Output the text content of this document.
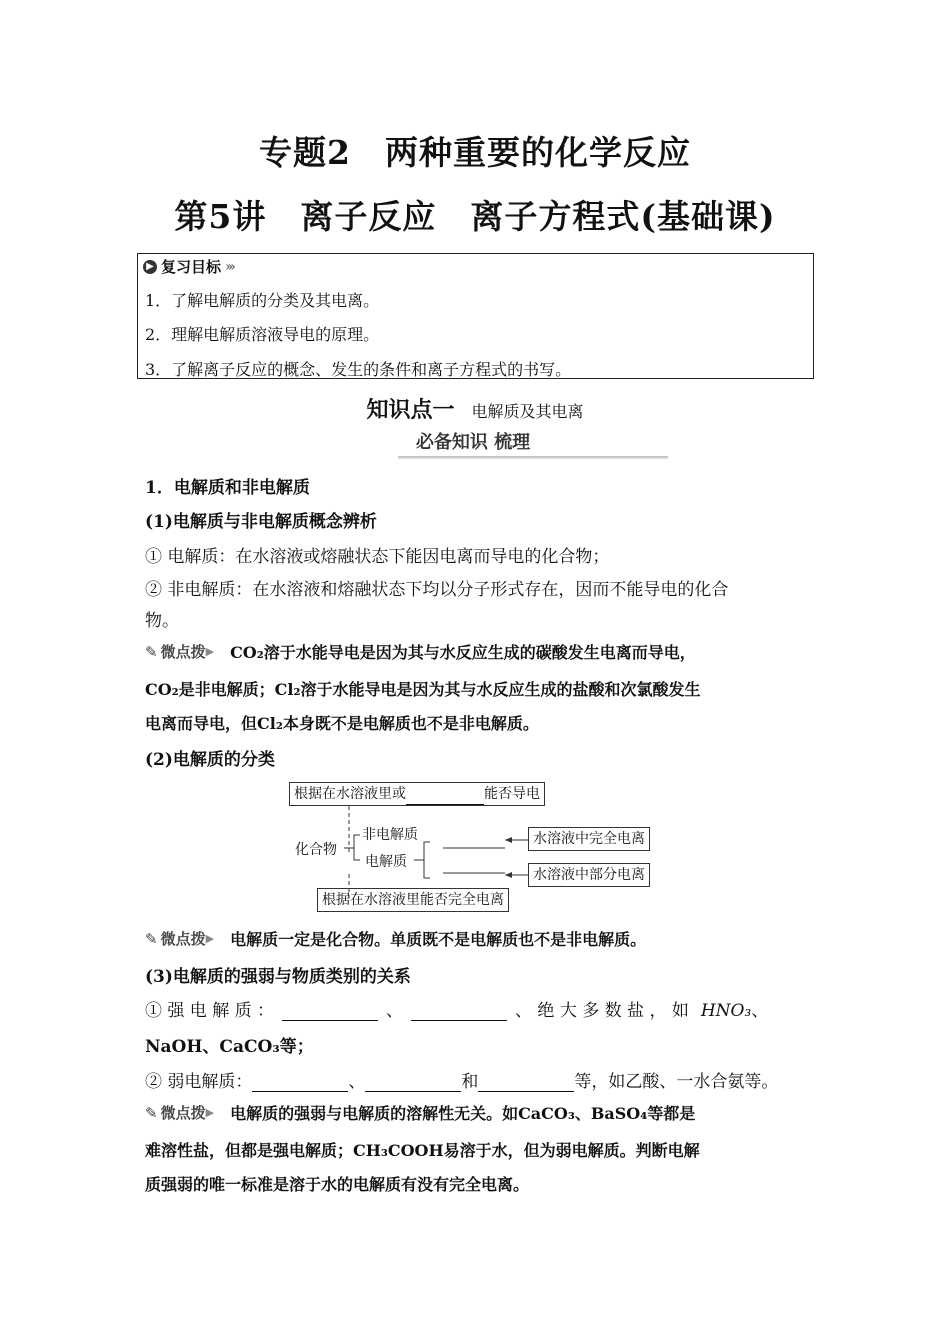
专题2　两种重要的化学反应
第5讲　离子反应　离子方程式(基础课)
▶ 复习目标 ›››
1．了解电解质的分类及其电离。
2．理解电解质溶液导电的原理。
3．了解离子反应的概念、发生的条件和离子方程式的书写。
知识点一 电解质及其电离
必备知识 梳理
1．电解质和非电解质
(1)电解质与非电解质概念辨析
① 电解质：在水溶液或熔融状态下能因电离而导电的化合物；
② 非电解质：在水溶液和熔融状态下均以分子形式存在，因而不能导电的化合
物。
✎ 微点拨 ▶ CO₂溶于水能导电是因为其与水反应生成的碳酸发生电离而导电，
CO₂是非电解质；Cl₂溶于水能导电是因为其与水反应生成的盐酸和次氯酸发生
电离而导电，但Cl₂本身既不是电解质也不是非电解质。
(2)电解质的分类
根据在水溶液里或	能否导电
化合物
非电解质
电解质
水溶液中完全电离
水溶液中部分电离
根据在水溶液里能否完全电离
✎ 微点拨 ▶ 电解质一定是化合物。单质既不是电解质也不是非电解质。
(3)电解质的强弱与物质类别的关系
① 强 电 解 质 ：	、	、 绝 大 多 数 盐 ， 如 HNO₃ 、
NaOH、CaCO₃等；
② 弱电解质：	、	和	等，如乙酸、一水合氨等。
✎ 微点拨 ▶ 电解质的强弱与电解质的溶解性无关。如CaCO₃、BaSO₄等都是
难溶性盐，但都是强电解质；CH₃COOH易溶于水，但为弱电解质。判断电解
质强弱的唯一标准是溶于水的电解质有没有完全电离。
